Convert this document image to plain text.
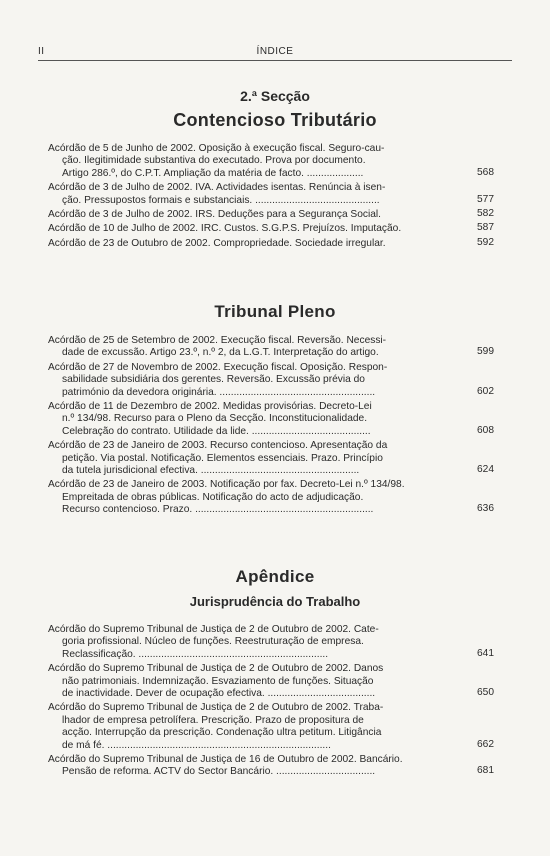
II	ÍNDICE
2.ª Secção
Contencioso Tributário
Acórdão de 5 de Junho de 2002. Oposição à execução fiscal. Seguro-cau-
ção. Ilegitimidade substantiva do executado. Prova por documento.
Artigo 286.º, do C.P.T. Ampliação da matéria de facto. ....................	568
Acórdão de 3 de Julho de 2002. IVA. Actividades isentas. Renúncia à isen-
ção. Pressupostos formais e substanciais. ............................................	577
Acórdão de 3 de Julho de 2002. IRS. Deduções para a Segurança Social.	582
Acórdão de 10 de Julho de 2002. IRC. Custos. S.G.P.S. Prejuízos. Imputação.	587
Acórdão de 23 de Outubro de 2002. Compropriedade. Sociedade irregular.	592
Tribunal Pleno
Acórdão de 25 de Setembro de 2002. Execução fiscal. Reversão. Necessi-
dade de excussão. Artigo 23.º, n.º 2, da L.G.T. Interpretação do artigo.	599
Acórdão de 27 de Novembro de 2002. Execução fiscal. Oposição. Respon-
sabilidade subsidiária dos gerentes. Reversão. Excussão prévia do
património da devedora originária. .......................................................	602
Acórdão de 11 de Dezembro de 2002. Medidas provisórias. Decreto-Lei
n.º 134/98. Recurso para o Pleno da Secção. Inconstitucionalidade.
Celebração do contrato. Utilidade da lide. ..........................................	608
Acórdão de 23 de Janeiro de 2003. Recurso contencioso. Apresentação da
petição. Via postal. Notificação. Elementos essenciais. Prazo. Princípio
da tutela jurisdicional efectiva. ........................................................	624
Acórdão de 23 de Janeiro de 2003. Notificação por fax. Decreto-Lei n.º 134/98.
Empreitada de obras públicas. Notificação do acto de adjudicação.
Recurso contencioso. Prazo. ...............................................................	636
Apêndice
Jurisprudência do Trabalho
Acórdão do Supremo Tribunal de Justiça de 2 de Outubro de 2002. Cate-
goria profissional. Núcleo de funções. Reestruturação de empresa.
Reclassificação. ...................................................................	641
Acórdão do Supremo Tribunal de Justiça de 2 de Outubro de 2002. Danos
não patrimoniais. Indemnização. Esvaziamento de funções. Situação
de inactividade. Dever de ocupação efectiva. ......................................	650
Acórdão do Supremo Tribunal de Justiça de 2 de Outubro de 2002. Traba-
lhador de empresa petrolífera. Prescrição. Prazo de propositura de
acção. Interrupção da prescrição. Condenação ultra petitum. Litigância
de má fé. ...............................................................................	662
Acórdão do Supremo Tribunal de Justiça de 16 de Outubro de 2002. Bancário.
Pensão de reforma. ACTV do Sector Bancário. ...................................	681
